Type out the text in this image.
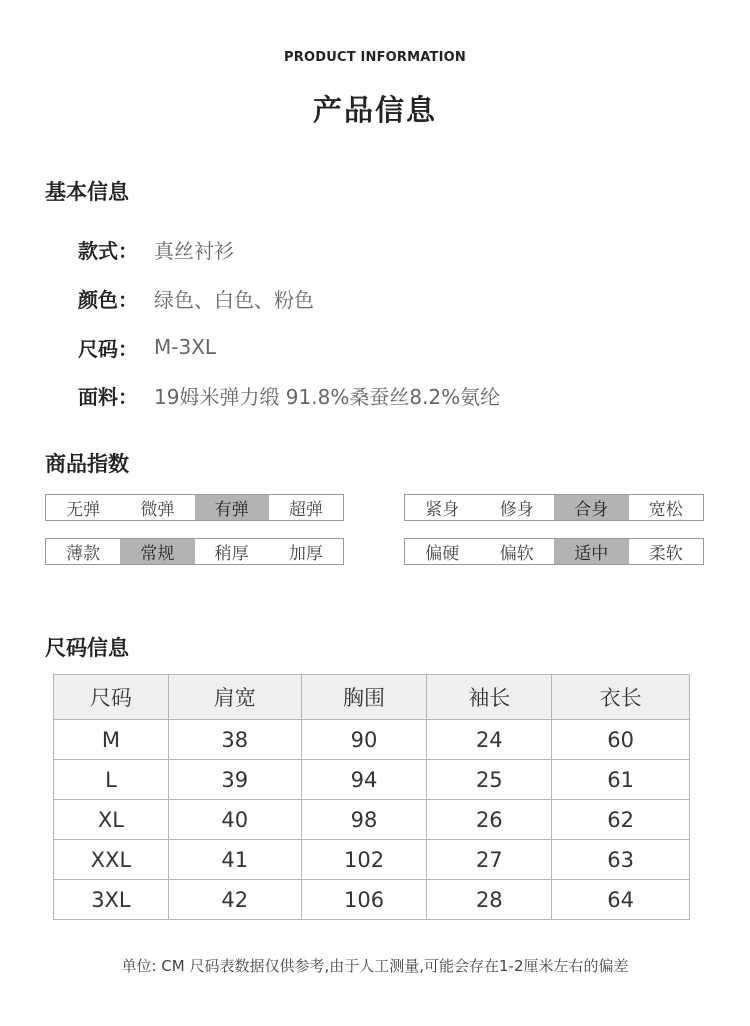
PRODUCT INFORMATION
产品信息
基本信息
款式： 真丝衬衫
颜色： 绿色、白色、粉色
尺码： M-3XL
面料： 19姆米弹力缎 91.8%桑蚕丝8.2%氨纶
商品指数
无弹	微弹	有弹	超弹	紧身	修身	合身	宽松
薄款	常规	稍厚	加厚	偏硬	偏软	适中	柔软
尺码信息
尺码	肩宽	胸围	袖长	衣长
M	38	90	24	60
L	39	94	25	61
XL	40	98	26	62
XXL	41	102	27	63
3XL	42	106	28	64
单位: CM 尺码表数据仅供参考,由于人工测量,可能会存在1-2厘米左右的偏差
